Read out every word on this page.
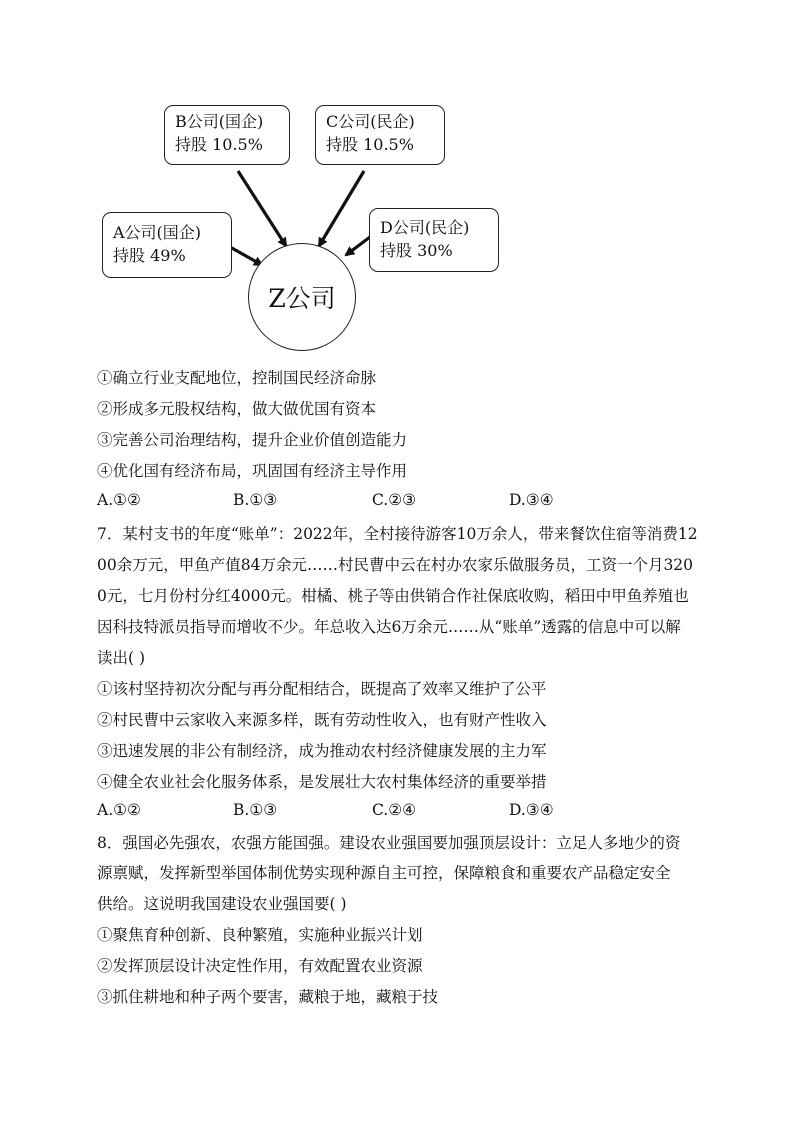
B公司(国企)
持股 10.5%
C公司(民企)
持股 10.5%
A公司(国企)
持股 49%
D公司(民企)
持股 30%
Z公司
①确立行业支配地位，控制国民经济命脉
②形成多元股权结构，做大做优国有资本
③完善公司治理结构，提升企业价值创造能力
④优化国有经济布局，巩固国有经济主导作用
A.①②	B.①③	C.②③	D.③④
7．某村支书的年度“账单”：2022年，全村接待游客10万余人，带来餐饮住宿等消费12
00余万元，甲鱼产值84万余元……村民曹中云在村办农家乐做服务员，工资一个月320
0元，七月份村分红4000元。柑橘、桃子等由供销合作社保底收购，稻田中甲鱼养殖也
因科技特派员指导而增收不少。年总收入达6万余元……从“账单”透露的信息中可以解
读出( )
①该村坚持初次分配与再分配相结合，既提高了效率又维护了公平
②村民曹中云家收入来源多样，既有劳动性收入，也有财产性收入
③迅速发展的非公有制经济，成为推动农村经济健康发展的主力军
④健全农业社会化服务体系，是发展壮大农村集体经济的重要举措
A.①②	B.①③	C.②④	D.③④
8．强国必先强农，农强方能国强。建设农业强国要加强顶层设计：立足人多地少的资
源禀赋，发挥新型举国体制优势实现种源自主可控，保障粮食和重要农产品稳定安全
供给。这说明我国建设农业强国要( )
①聚焦育种创新、良种繁殖，实施种业振兴计划
②发挥顶层设计决定性作用，有效配置农业资源
③抓住耕地和种子两个要害，藏粮于地，藏粮于技
